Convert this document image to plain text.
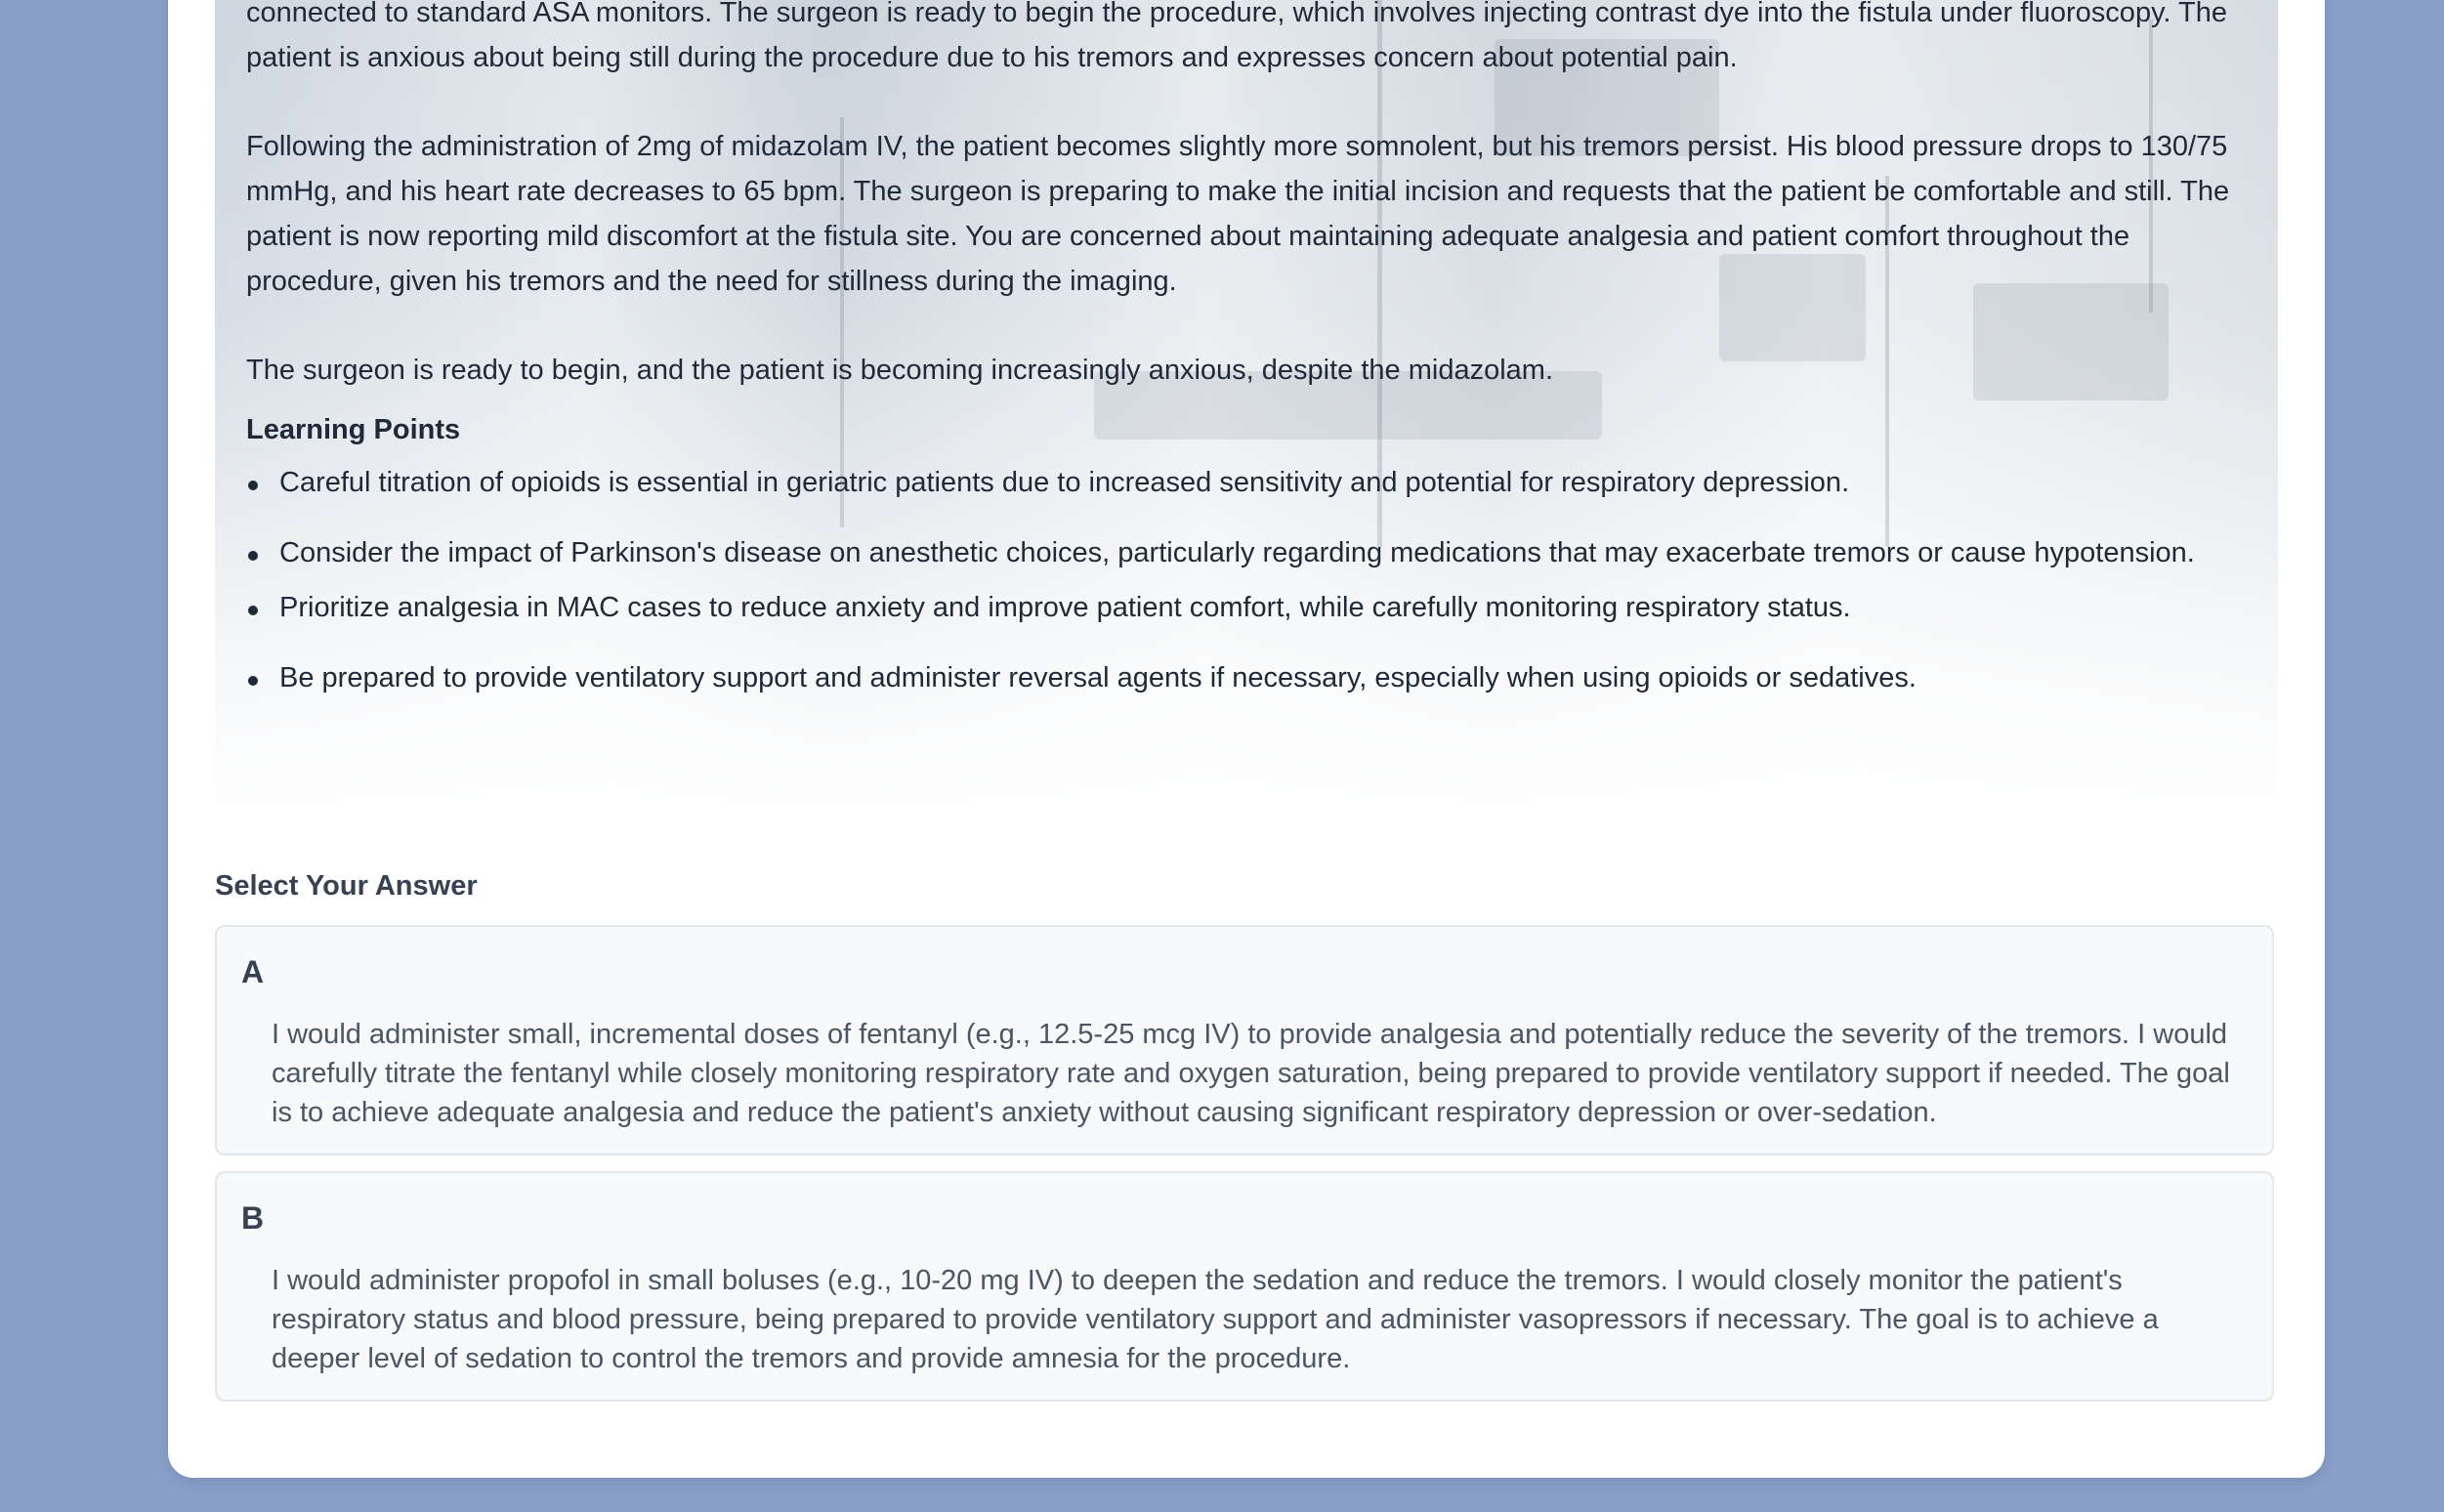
connected to standard ASA monitors. The surgeon is ready to begin the procedure, which involves injecting contrast dye into the fistula under fluoroscopy. The patient is anxious about being still during the procedure due to his tremors and expresses concern about potential pain.

Following the administration of 2mg of midazolam IV, the patient becomes slightly more somnolent, but his tremors persist. His blood pressure drops to 130/75 mmHg, and his heart rate decreases to 65 bpm. The surgeon is preparing to make the initial incision and requests that the patient be comfortable and still. The patient is now reporting mild discomfort at the fistula site. You are concerned about maintaining adequate analgesia and patient comfort throughout the procedure, given his tremors and the need for stillness during the imaging.

The surgeon is ready to begin, and the patient is becoming increasingly anxious, despite the midazolam.

Learning Points
Careful titration of opioids is essential in geriatric patients due to increased sensitivity and potential for respiratory depression.
Consider the impact of Parkinson's disease on anesthetic choices, particularly regarding medications that may exacerbate tremors or cause hypotension.
Prioritize analgesia in MAC cases to reduce anxiety and improve patient comfort, while carefully monitoring respiratory status.
Be prepared to provide ventilatory support and administer reversal agents if necessary, especially when using opioids or sedatives.
Select Your Answer
A
I would administer small, incremental doses of fentanyl (e.g., 12.5-25 mcg IV) to provide analgesia and potentially reduce the severity of the tremors. I would carefully titrate the fentanyl while closely monitoring respiratory rate and oxygen saturation, being prepared to provide ventilatory support if needed. The goal is to achieve adequate analgesia and reduce the patient's anxiety without causing significant respiratory depression or over-sedation.
B
I would administer propofol in small boluses (e.g., 10-20 mg IV) to deepen the sedation and reduce the tremors. I would closely monitor the patient's respiratory status and blood pressure, being prepared to provide ventilatory support and administer vasopressors if necessary. The goal is to achieve a deeper level of sedation to control the tremors and provide amnesia for the procedure.
